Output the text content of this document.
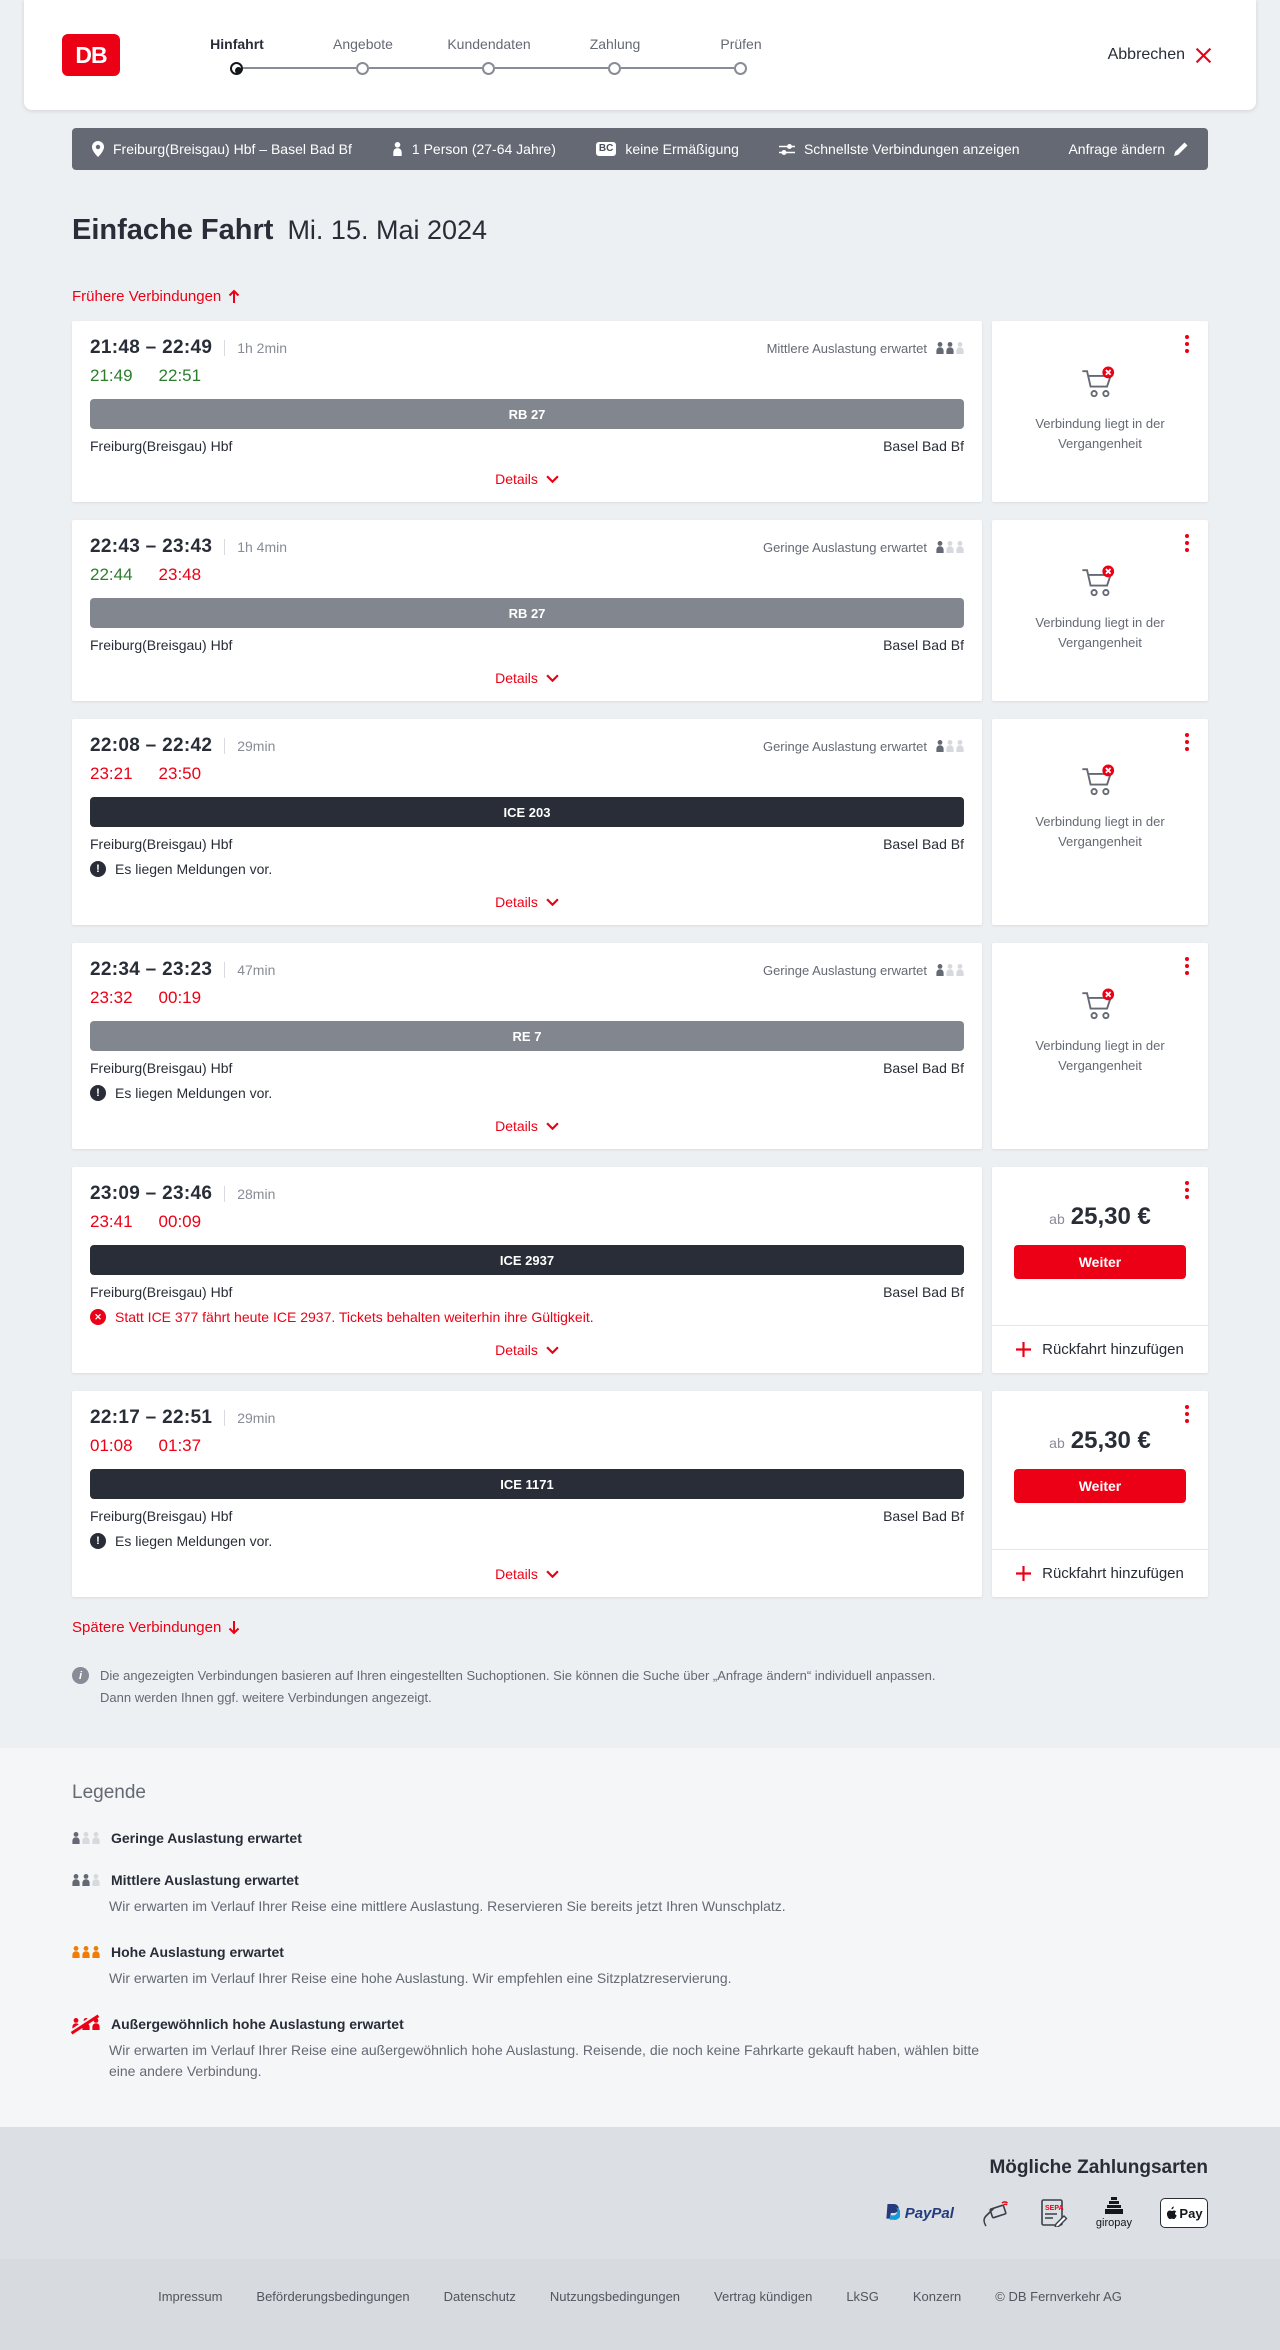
DB	Hinfahrt	Angebote	Kundendaten	Zahlung	Prüfen
Abbrechen
Freiburg(Breisgau) Hbf – Basel Bad Bf	1 Person (27-64 Jahre)	BC keine Ermäßigung	Schnellste Verbindungen anzeigen	Anfrage ändern
Einfache Fahrt Mi. 15. Mai 2024
Frühere Verbindungen
21:48 – 22:49 1h 2min	Mittlere Auslastung erwartet
21:49 22:51
RB 27
Freiburg(Breisgau) Hbf	Basel Bad Bf
Details
Verbindung liegt in der Vergangenheit
22:43 – 23:43 1h 4min	Geringe Auslastung erwartet
22:44 23:48
RB 27
Freiburg(Breisgau) Hbf	Basel Bad Bf
Details
Verbindung liegt in der Vergangenheit
22:08 – 22:42 29min	Geringe Auslastung erwartet
23:21 23:50
ICE 203
Freiburg(Breisgau) Hbf	Basel Bad Bf
!
Es liegen Meldungen vor.
Details
Verbindung liegt in der Vergangenheit
22:34 – 23:23 47min	Geringe Auslastung erwartet
23:32 00:19
RE 7
Freiburg(Breisgau) Hbf	Basel Bad Bf
!
Es liegen Meldungen vor.
Details
Verbindung liegt in der Vergangenheit
23:09 – 23:46 28min
23:41 00:09
ICE 2937
Freiburg(Breisgau) Hbf	Basel Bad Bf
✕
Statt ICE 377 fährt heute ICE 2937. Tickets behalten weiterhin ihre Gültigkeit.
Details
ab 25,30 €
Weiter
Rückfahrt hinzufügen
22:17 – 22:51 29min
01:08 01:37
ICE 1171
Freiburg(Breisgau) Hbf	Basel Bad Bf
!
Es liegen Meldungen vor.
Details
ab 25,30 €
Weiter
Rückfahrt hinzufügen
Spätere Verbindungen
i
Die angezeigten Verbindungen basieren auf Ihren eingestellten Suchoptionen. Sie können die Suche über „Anfrage ändern“ individuell anpassen. Dann werden Ihnen ggf. weitere Verbindungen angezeigt.
Legende
Geringe Auslastung erwartet
Mittlere Auslastung erwartet

Wir erwarten im Verlauf Ihrer Reise eine mittlere Auslastung. Reservieren Sie bereits jetzt Ihren Wunschplatz.

Hohe Auslastung erwartet

Wir erwarten im Verlauf Ihrer Reise eine hohe Auslastung. Wir empfehlen eine Sitzplatzreservierung.

Außergewöhnlich hohe Auslastung erwartet

Wir erwarten im Verlauf Ihrer Reise eine außergewöhnlich hohe Auslastung. Reisende, die noch keine Fahrkarte gekauft haben, wählen bitte eine andere Verbindung.

Mögliche Zahlungsarten
PayPal	SEPA
giropay
Pay
Impressum	Beförderungsbedingungen	Datenschutz	Nutzungsbedingungen	Vertrag kündigen	LkSG	Konzern	© DB Fernverkehr AG
